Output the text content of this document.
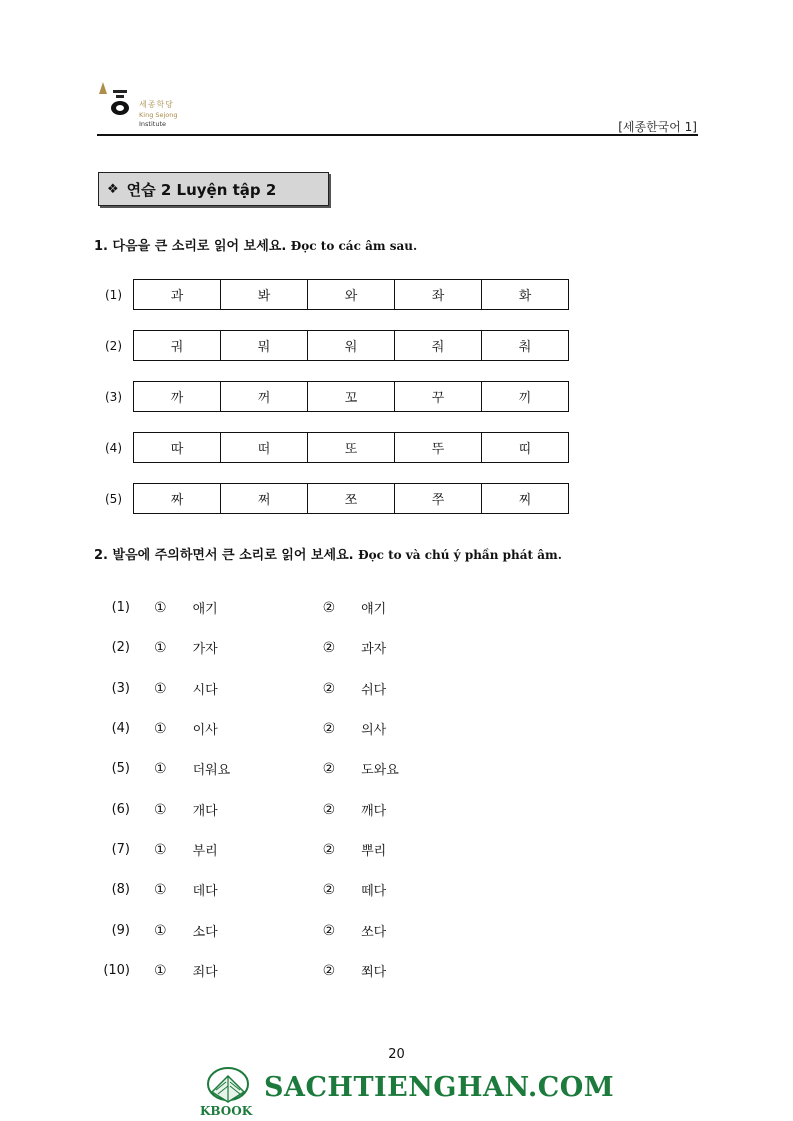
세종학당
King Sejong
Institute	[세종한국어 1]
❖ 연습 2 Luyện tập 2
1. 다음을 큰 소리로 읽어 보세요. Đọc to các âm sau.
(1)	과	봐	와	좌	화
(2)	궈	뭐	워	줘	춰
(3)	까	꺼	꼬	꾸	끼
(4)	따	떠	또	뚜	띠
(5)	짜	쩌	쪼	쭈	찌
2. 발음에 주의하면서 큰 소리로 읽어 보세요. Đọc to và chú ý phần phát âm.
(1) ① 애기	② 얘기
(2) ① 가자	② 과자
(3) ① 시다	② 쉬다
(4) ① 이사	② 의사
(5) ① 더워요	② 도와요
(6) ① 개다	② 깨다
(7) ① 부리	② 뿌리
(8) ① 데다	② 떼다
(9) ① 소다	② 쏘다
(10) ① 죄다	② 쬐다
20
KBOOK
SACHTIENGHAN.COM
